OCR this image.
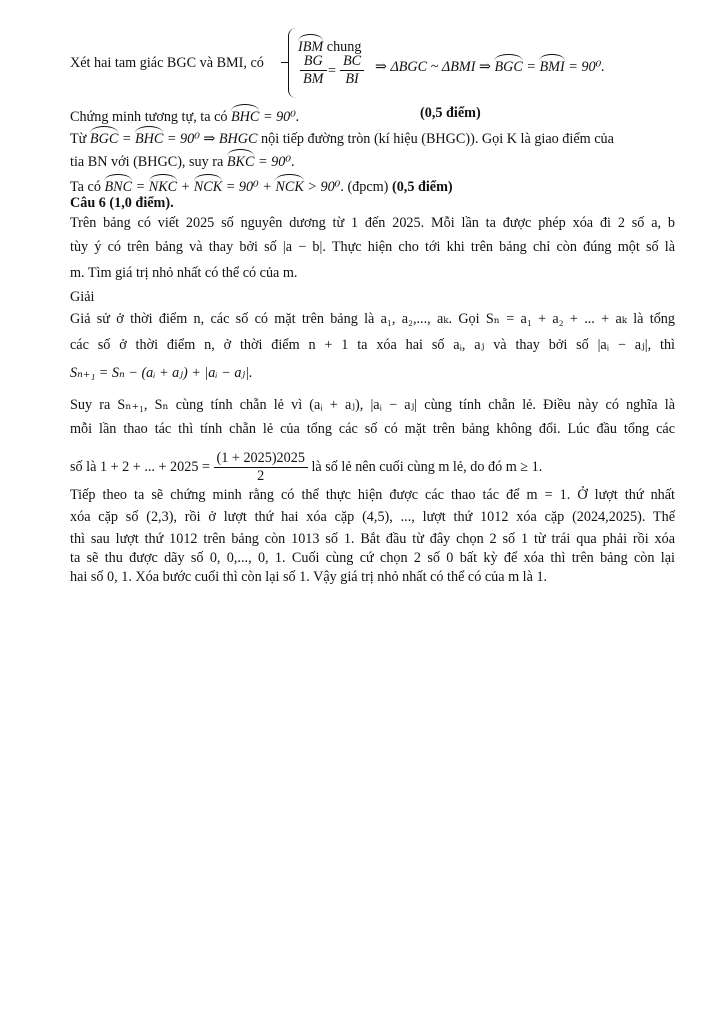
IBM chung
Xét hai tam giác BGC và BMI, có	$\frac{BG}{BM} = \frac{BC}{BI}$ ⇒ ΔBGC ~ ΔBMI ⇒ BGC = BMI = 90⁰.
Chứng minh tương tự, ta có BHC = 90⁰.	(0,5 điểm)
Từ BGC = BHC = 90⁰ ⇒ BHGC nội tiếp đường tròn (kí hiệu (BHGC)). Gọi K là giao điểm của
tia BN với (BHGC), suy ra BKC = 90⁰.
Ta có BNC = NKC + NCK = 90⁰ + NCK > 90⁰. (đpcm) (0,5 điểm)
Câu 6 (1,0 điểm).
Trên bảng có viết 2025 số nguyên dương từ 1 đến 2025. Mỗi lần ta được phép xóa đi 2 số a, b
tùy ý có trên bảng và thay bởi số |a − b|. Thực hiện cho tới khi trên bảng chỉ còn đúng một số là
m. Tìm giá trị nhỏ nhất có thể có của m.
Giải
Giả sử ở thời điểm n, các số có mặt trên bảng là a₁, a₂,..., aₖ. Gọi Sₙ = a₁ + a₂ + ... + aₖ là tổng
các số ở thời điểm n, ở thời điểm n + 1 ta xóa hai số aᵢ, aⱼ và thay bởi số |aᵢ − aⱼ|, thì
Sₙ₊₁ = Sₙ − (aᵢ + aⱼ) + |aᵢ − aⱼ|.
Suy ra Sₙ₊₁, Sₙ cùng tính chẵn lẻ vì (aᵢ + aⱼ), |aᵢ − aⱼ| cùng tính chẵn lẻ. Điều này có nghĩa là
mỗi lần thao tác thì tính chẵn lẻ của tổng các số có mặt trên bảng không đổi. Lúc đầu tổng các
số là 1 + 2 + ... + $2025 = \frac{(1 + 2025)2025}{2}$ là số lẻ nên cuối cùng m lẻ, do đó m ≥ 1.
Tiếp theo ta sẽ chứng minh rằng có thể thực hiện được các thao tác để m = 1. Ở lượt thứ nhất
xóa cặp số (2,3), rồi ở lượt thứ hai xóa cặp (4,5), ..., lượt thứ 1012 xóa cặp (2024,2025). Thế
thì sau lượt thứ 1012 trên bảng còn 1013 số 1. Bắt đầu từ đây chọn 2 số 1 từ trái qua phải rồi xóa
ta sẽ thu được dãy số 0, 0,..., 0, 1. Cuối cùng cứ chọn 2 số 0 bất kỳ để xóa thì trên bảng còn lại
hai số 0, 1. Xóa bước cuối thì còn lại số 1. Vậy giá trị nhỏ nhất có thể có của m là 1.
